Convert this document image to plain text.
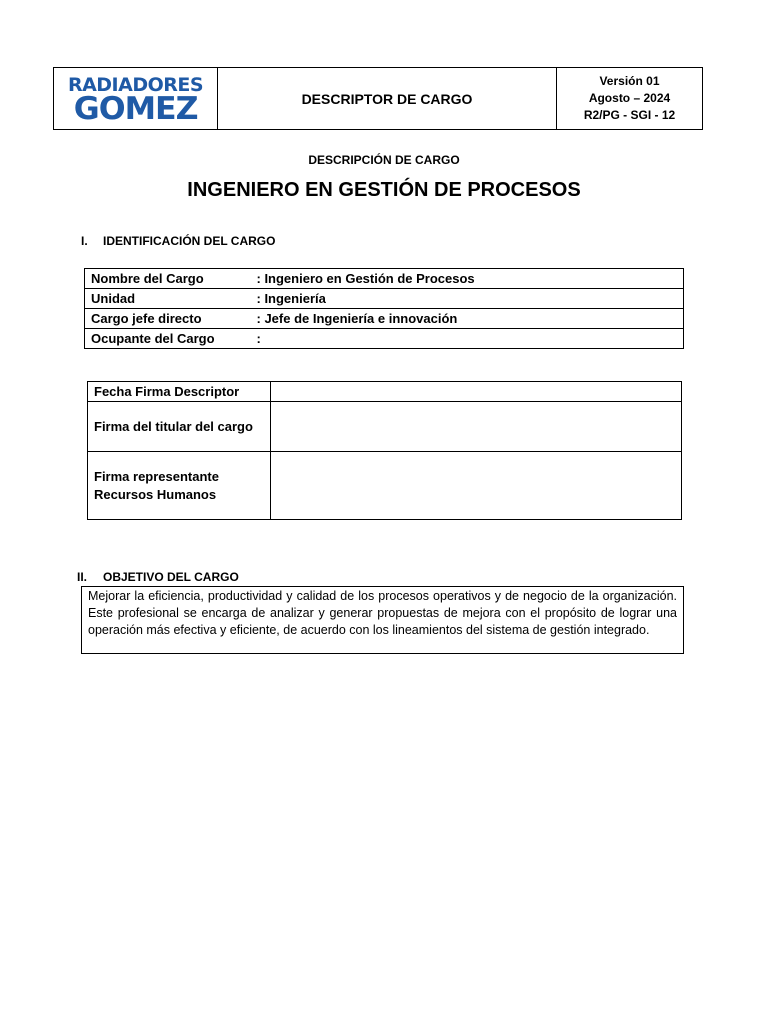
RADIADORES
GOMEZ	DESCRIPTOR DE CARGO
Versión 01
Agosto – 2024
R2/PG - SGI - 12
DESCRIPCIÓN DE CARGO
INGENIERO EN GESTIÓN DE PROCESOS
I.	IDENTIFICACIÓN DEL CARGO
Nombre del Cargo	: Ingeniero en Gestión de Procesos
Unidad	: Ingeniería
Cargo jefe directo	: Jefe de Ingeniería e innovación
Ocupante del Cargo	:
Fecha Firma Descriptor	
Firma del titular del cargo	
Firma representante
Recursos Humanos	
II.	OBJETIVO DEL CARGO
Mejorar la eficiencia, productividad y calidad de los procesos operativos y de negocio de la organización. Este profesional se encarga de analizar y generar propuestas de mejora con el propósito de lograr una operación más efectiva y eficiente, de acuerdo con los lineamientos del sistema de gestión integrado.
